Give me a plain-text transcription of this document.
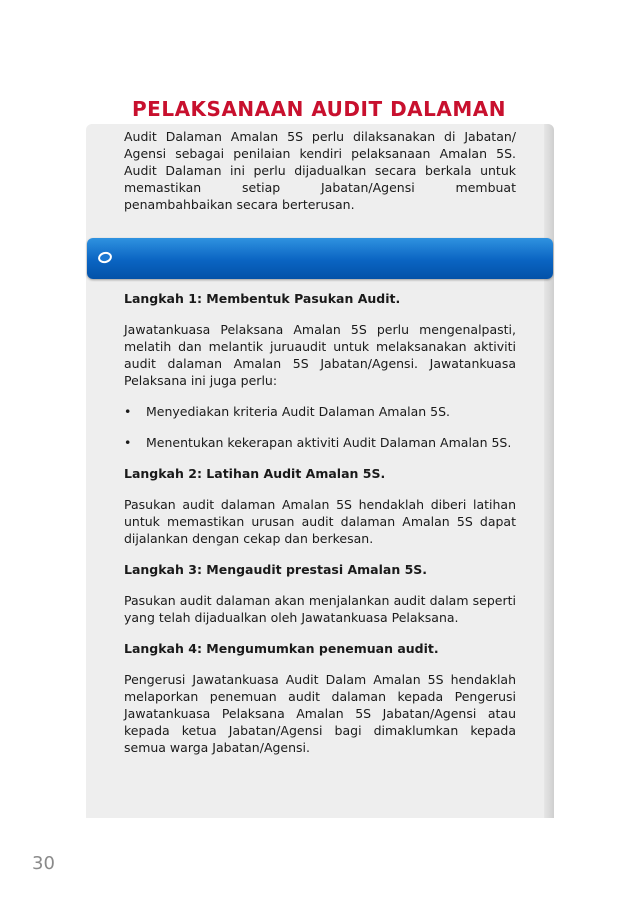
PELAKSANAAN AUDIT DALAMAN

Audit Dalaman Amalan 5S perlu dilaksanakan di Jabatan/ Agensi sebagai penilaian kendiri pelaksanaan Amalan 5S. Audit Dalaman ini perlu dijadualkan secara berkala untuk memastikan setiap Jabatan/Agensi membuat penambahbaikan secara berterusan.

Langkah 1: Membentuk Pasukan Audit.

Jawatankuasa Pelaksana Amalan 5S perlu mengenalpasti, melatih dan melantik juruaudit untuk melaksanakan aktiviti audit dalaman Amalan 5S Jabatan/Agensi. Jawatankuasa Pelaksana ini juga perlu:

• Menyediakan kriteria Audit Dalaman Amalan 5S.
• Menentukan kekerapan aktiviti Audit Dalaman Amalan 5S.

Langkah 2: Latihan Audit Amalan 5S.

Pasukan audit dalaman Amalan 5S hendaklah diberi latihan untuk memastikan urusan audit dalaman Amalan 5S dapat dijalankan dengan cekap dan berkesan.

Langkah 3: Mengaudit prestasi Amalan 5S.

Pasukan audit dalaman akan menjalankan audit dalam seperti yang telah dijadualkan oleh Jawatankuasa Pelaksana.

Langkah 4: Mengumumkan penemuan audit.

Pengerusi Jawatankuasa Audit Dalam Amalan 5S hendaklah melaporkan penemuan audit dalaman kepada Pengerusi Jawatankuasa Pelaksana Amalan 5S Jabatan/Agensi atau kepada ketua Jabatan/Agensi bagi dimaklumkan kepada semua warga Jabatan/Agensi.

30
